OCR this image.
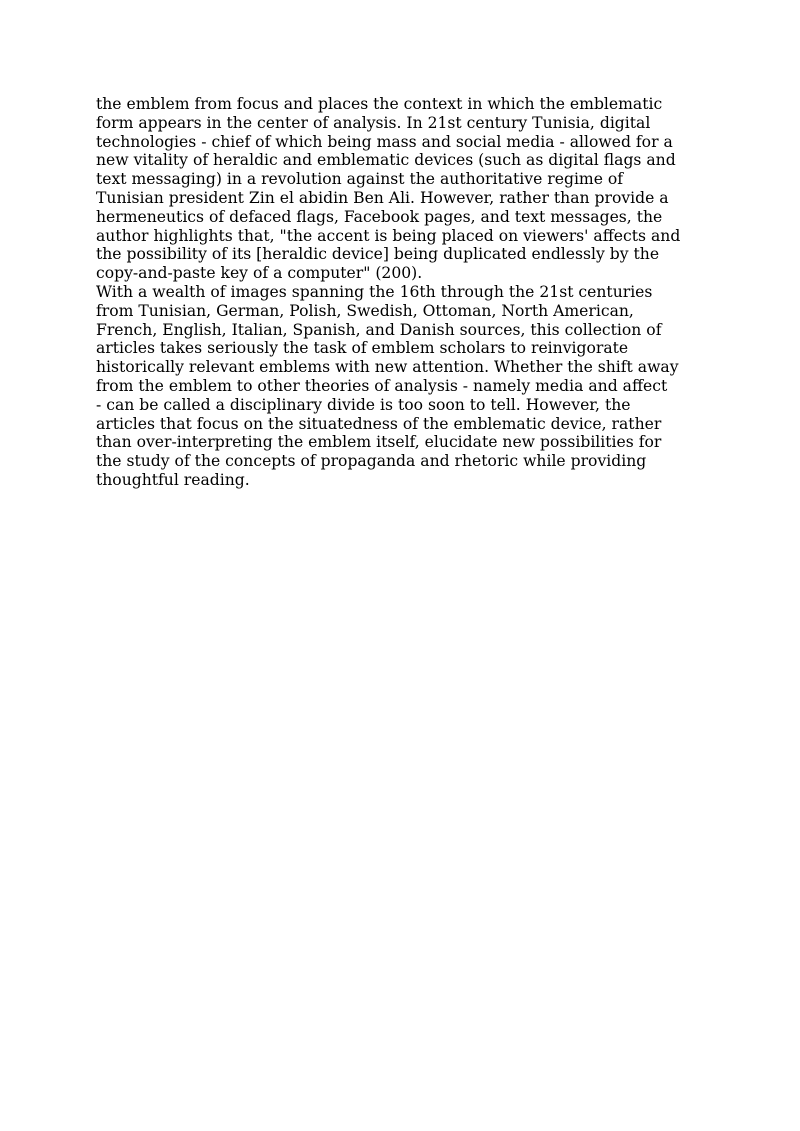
the emblem from focus and places the context in which the emblematic
form appears in the center of analysis. In 21st century Tunisia, digital
technologies - chief of which being mass and social media - allowed for a
new vitality of heraldic and emblematic devices (such as digital flags and
text messaging) in a revolution against the authoritative regime of
Tunisian president Zin el abidin Ben Ali. However, rather than provide a
hermeneutics of defaced flags, Facebook pages, and text messages, the
author highlights that, "the accent is being placed on viewers' affects and
the possibility of its [heraldic device] being duplicated endlessly by the
copy-and-paste key of a computer" (200).
With a wealth of images spanning the 16th through the 21st centuries
from Tunisian, German, Polish, Swedish, Ottoman, North American,
French, English, Italian, Spanish, and Danish sources, this collection of
articles takes seriously the task of emblem scholars to reinvigorate
historically relevant emblems with new attention. Whether the shift away
from the emblem to other theories of analysis - namely media and affect
- can be called a disciplinary divide is too soon to tell. However, the
articles that focus on the situatedness of the emblematic device, rather
than over-interpreting the emblem itself, elucidate new possibilities for
the study of the concepts of propaganda and rhetoric while providing
thoughtful reading.
